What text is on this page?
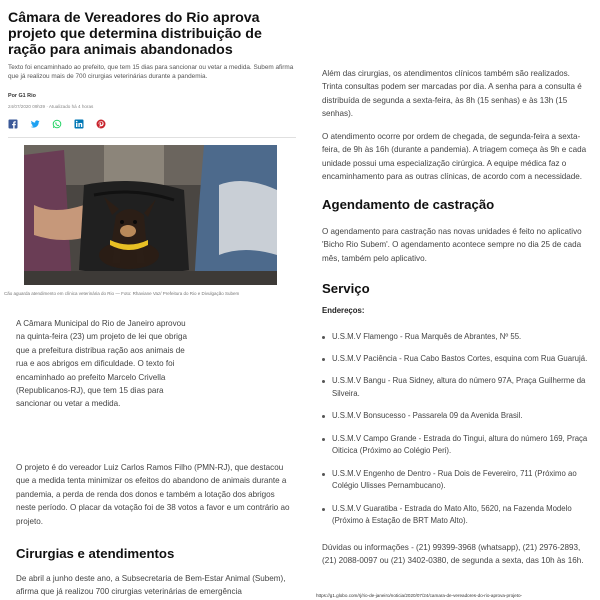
Câmara de Vereadores do Rio aprova projeto que determina distribuição de ração para animais abandonados

Texto foi encaminhado ao prefeito, que tem 15 dias para sancionar ou vetar a medida. Subem afirma que já realizou mais de 700 cirurgias veterinárias durante a pandemia.

Por G1 Rio
24/07/2020 09h39 · Atualizado há 4 horas
Cão aguarda atendimento em clínica veterinária do Rio — Foto: Rhaviane Vaz/ Prefeitura do Rio e Divulgação Subem

A Câmara Municipal do Rio de Janeiro aprovou na quinta-feira (23) um projeto de lei que obriga que a prefeitura distribua ração aos animais de rua e aos abrigos em dificuldade. O texto foi encaminhado ao prefeito Marcelo Crivella (Republicanos-RJ), que tem 15 dias para sancionar ou vetar a medida.

O projeto é do vereador Luiz Carlos Ramos Filho (PMN-RJ), que destacou que a medida tenta minimizar os efeitos do abandono de animais durante a pandemia, a perda de renda dos donos e também a lotação dos abrigos neste período. O placar da votação foi de 38 votos a favor e um contrário ao projeto.

Cirurgias e atendimentos

De abril a junho deste ano, a Subsecretaria de Bem-Estar Animal (Subem), afirma que já realizou 700 cirurgias veterinárias de emergência

Além das cirurgias, os atendimentos clínicos também são realizados. Trinta consultas podem ser marcadas por dia. A senha para a consulta é distribuída de segunda a sexta-feira, às 8h (15 senhas) e às 13h (15 senhas).

O atendimento ocorre por ordem de chegada, de segunda-feira a sexta-feira, de 9h às 16h (durante a pandemia). A triagem começa às 9h e cada unidade possui uma especialização cirúrgica. A equipe médica faz o encaminhamento para as outras clínicas, de acordo com a necessidade.

Agendamento de castração

O agendamento para castração nas novas unidades é feito no aplicativo 'Bicho Rio Subem'. O agendamento acontece sempre no dia 25 de cada mês, também pelo aplicativo.

Serviço
Endereços:
U.S.M.V Flamengo - Rua Marquês de Abrantes, Nº 55.
U.S.M.V Paciência - Rua Cabo Bastos Cortes, esquina com Rua Guarujá.
U.S.M.V Bangu - Rua Sidney, altura do número 97A, Praça Guilherme da Silveira.
U.S.M.V Bonsucesso - Passarela 09 da Avenida Brasil.
U.S.M.V Campo Grande - Estrada do Tingui, altura do número 169, Praça Oiticica (Próximo ao Colégio Peri).
U.S.M.V Engenho de Dentro - Rua Dois de Fevereiro, 711 (Próximo ao Colégio Ulisses Pernambucano).
U.S.M.V Guaratiba - Estrada do Mato Alto, 5620, na Fazenda Modelo (Próximo à Estação de BRT Mato Alto).

Dúvidas ou informações - (21) 99399-3968 (whatsapp), (21) 2976-2893, (21) 2088-0097 ou (21) 3402-0380, de segunda a sexta, das 10h às 16h.

https://g1.globo.com/rj/rio-de-janeiro/noticia/2020/07/24/camara-de-vereadores-do-rio-aprova-projeto-
